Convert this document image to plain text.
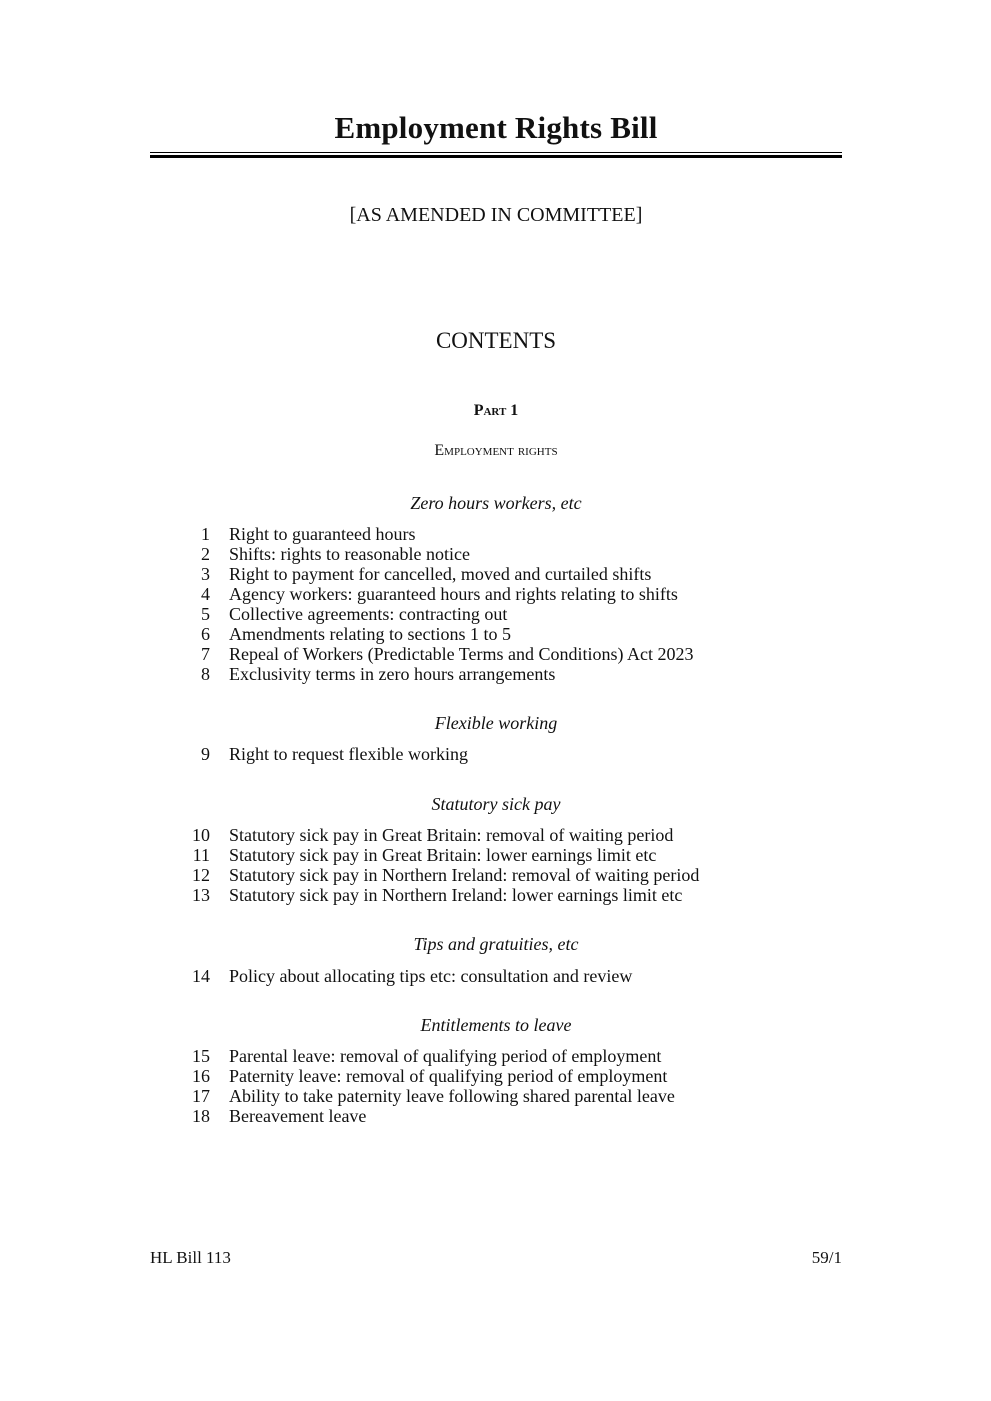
Employment Rights Bill
[AS AMENDED IN COMMITTEE]
CONTENTS
Part 1
Employment rights
Zero hours workers, etc
1	Right to guaranteed hours
2	Shifts: rights to reasonable notice
3	Right to payment for cancelled, moved and curtailed shifts
4	Agency workers: guaranteed hours and rights relating to shifts
5	Collective agreements: contracting out
6	Amendments relating to sections 1 to 5
7	Repeal of Workers (Predictable Terms and Conditions) Act 2023
8	Exclusivity terms in zero hours arrangements
Flexible working
9	Right to request flexible working
Statutory sick pay
10	Statutory sick pay in Great Britain: removal of waiting period
11	Statutory sick pay in Great Britain: lower earnings limit etc
12	Statutory sick pay in Northern Ireland: removal of waiting period
13	Statutory sick pay in Northern Ireland: lower earnings limit etc
Tips and gratuities, etc
14	Policy about allocating tips etc: consultation and review
Entitlements to leave
15	Parental leave: removal of qualifying period of employment
16	Paternity leave: removal of qualifying period of employment
17	Ability to take paternity leave following shared parental leave
18	Bereavement leave
HL Bill 113	59/1
